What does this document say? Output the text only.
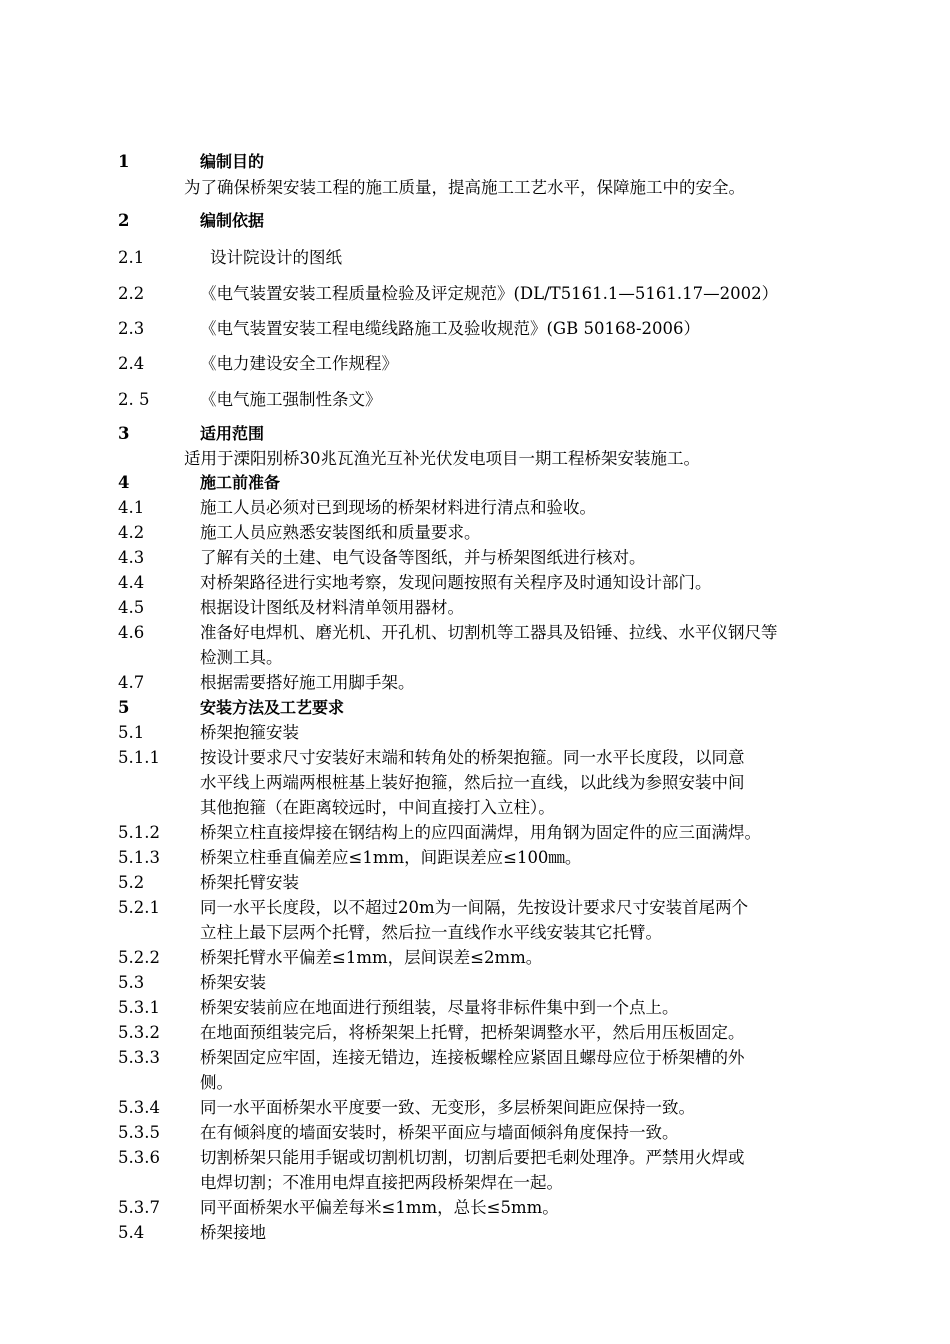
1	编制目的
为了确保桥架安装工程的施工质量，提高施工工艺水平，保障施工中的安全。
2	编制依据
2.1	设计院设计的图纸
2.2	《电气装置安装工程质量检验及评定规范》(DL/T5161.1—5161.17—2002）
2.3	《电气装置安装工程电缆线路施工及验收规范》(GB 50168-2006）
2.4	《电力建设安全工作规程》
2. 5	《电气施工强制性条文》
3	适用范围
适用于溧阳别桥30兆瓦渔光互补光伏发电项目一期工程桥架安装施工。
4	施工前准备
4.1	施工人员必须对已到现场的桥架材料进行清点和验收。
4.2	施工人员应熟悉安装图纸和质量要求。
4.3	了解有关的土建、电气设备等图纸，并与桥架图纸进行核对。
4.4	对桥架路径进行实地考察，发现问题按照有关程序及时通知设计部门。
4.5	根据设计图纸及材料清单领用器材。
4.6	准备好电焊机、磨光机、开孔机、切割机等工器具及铅锤、拉线、水平仪钢尺等
检测工具。
4.7	根据需要搭好施工用脚手架。
5	安装方法及工艺要求
5.1	桥架抱箍安装
5.1.1 按设计要求尺寸安装好末端和转角处的桥架抱箍。同一水平长度段，以同意
水平线上两端两根桩基上装好抱箍，然后拉一直线，以此线为参照安装中间
其他抱箍（在距离较远时，中间直接打入立柱）。
5.1.2 桥架立柱直接焊接在钢结构上的应四面满焊，用角钢为固定件的应三面满焊。
5.1.3 桥架立柱垂直偏差应≤1mm，间距误差应≤100㎜。
5.2	桥架托臂安装
5.2.1 同一水平长度段，以不超过20m为一间隔，先按设计要求尺寸安装首尾两个
立柱上最下层两个托臂，然后拉一直线作水平线安装其它托臂。
5.2.2 桥架托臂水平偏差≤1mm，层间误差≤2mm。
5.3	桥架安装
5.3.1 桥架安装前应在地面进行预组装，尽量将非标件集中到一个点上。
5.3.2 在地面预组装完后，将桥架架上托臂，把桥架调整水平，然后用压板固定。
5.3.3 桥架固定应牢固，连接无错边，连接板螺栓应紧固且螺母应位于桥架槽的外
侧。
5.3.4 同一水平面桥架水平度要一致、无变形，多层桥架间距应保持一致。
5.3.5 在有倾斜度的墙面安装时，桥架平面应与墙面倾斜角度保持一致。
5.3.6 切割桥架只能用手锯或切割机切割，切割后要把毛刺处理净。严禁用火焊或
电焊切割；不准用电焊直接把两段桥架焊在一起。
5.3.7 同平面桥架水平偏差每米≤1mm，总长≤5mm。
5.4	桥架接地
